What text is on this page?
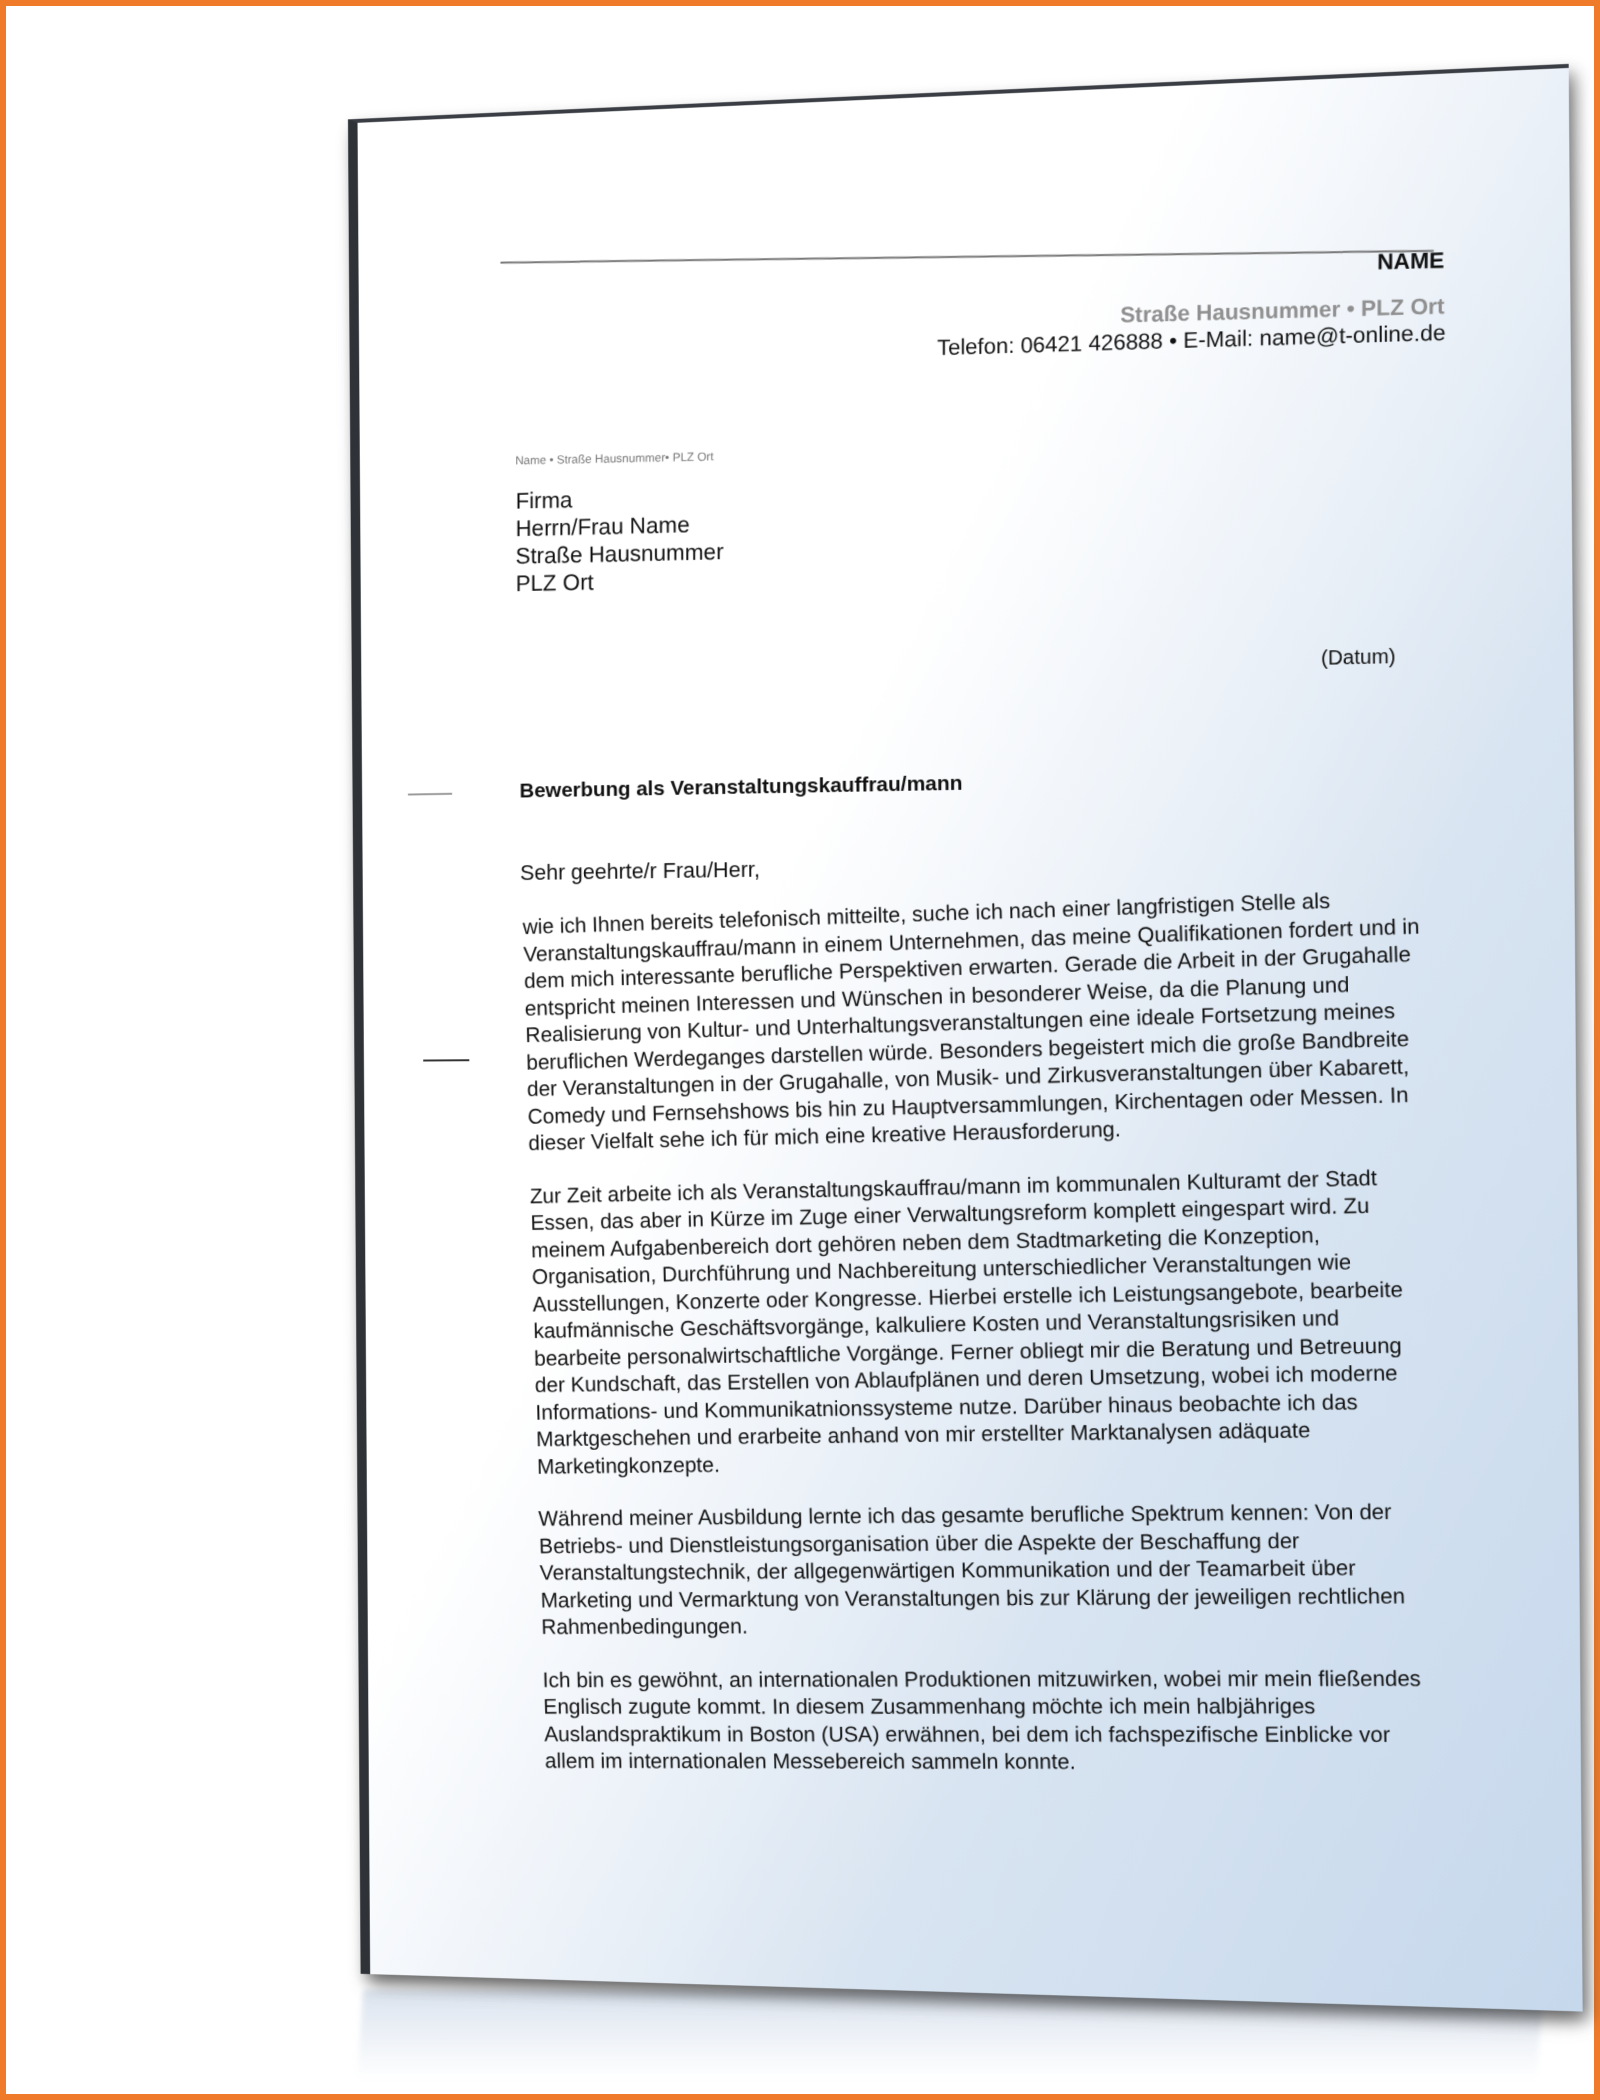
NAME
Straße Hausnummer • PLZ Ort
Telefon: 06421 426888 • E-Mail: name@t-online.de
Name • Straße Hausnummer• PLZ Ort
Firma
Herrn/Frau Name
Straße Hausnummer
PLZ Ort
(Datum)
Bewerbung als Veranstaltungskauffrau/mann
Sehr geehrte/r Frau/Herr,

wie ich Ihnen bereits telefonisch mitteilte, suche ich nach einer langfristigen Stelle als Veranstaltungskauffrau/mann in einem Unternehmen, das meine Qualifikationen fordert und in dem mich interessante berufliche Perspektiven erwarten. Gerade die Arbeit in der Grugahalle entspricht meinen Interessen und Wünschen in besonderer Weise, da die Planung und Realisierung von Kultur- und Unterhaltungsveranstaltungen eine ideale Fortsetzung meines beruflichen Werdeganges darstellen würde. Besonders begeistert mich die große Bandbreite der Veranstaltungen in der Grugahalle, von Musik- und Zirkusveranstaltungen über Kabarett, Comedy und Fernsehshows bis hin zu Hauptversammlungen, Kirchentagen oder Messen. In dieser Vielfalt sehe ich für mich eine kreative Herausforderung.

Zur Zeit arbeite ich als Veranstaltungskauffrau/mann im kommunalen Kulturamt der Stadt Essen, das aber in Kürze im Zuge einer Verwaltungsreform komplett eingespart wird. Zu meinem Aufgabenbereich dort gehören neben dem Stadtmarketing die Konzeption, Organisation, Durchführung und Nachbereitung unterschiedlicher Veranstaltungen wie Ausstellungen, Konzerte oder Kongresse. Hierbei erstelle ich Leistungsangebote, bearbeite kaufmännische Geschäftsvorgänge, kalkuliere Kosten und Veranstaltungsrisiken und bearbeite personalwirtschaftliche Vorgänge. Ferner obliegt mir die Beratung und Betreuung der Kundschaft, das Erstellen von Ablaufplänen und deren Umsetzung, wobei ich moderne Informations- und Kommunikatnionssysteme nutze. Darüber hinaus beobachte ich das Marktgeschehen und erarbeite anhand von mir erstellter Marktanalysen adäquate Marketingkonzepte.

Während meiner Ausbildung lernte ich das gesamte berufliche Spektrum kennen: Von der Betriebs- und Dienstleistungsorganisation über die Aspekte der Beschaffung der Veranstaltungstechnik, der allgegenwärtigen Kommunikation und der Teamarbeit über Marketing und Vermarktung von Veranstaltungen bis zur Klärung der jeweiligen rechtlichen Rahmenbedingungen.

Ich bin es gewöhnt, an internationalen Produktionen mitzuwirken, wobei mir mein fließendes Englisch zugute kommt. In diesem Zusammenhang möchte ich mein halbjähriges Auslandspraktikum in Boston (USA) erwähnen, bei dem ich fachspezifische Einblicke vor allem im internationalen Messebereich sammeln konnte.
